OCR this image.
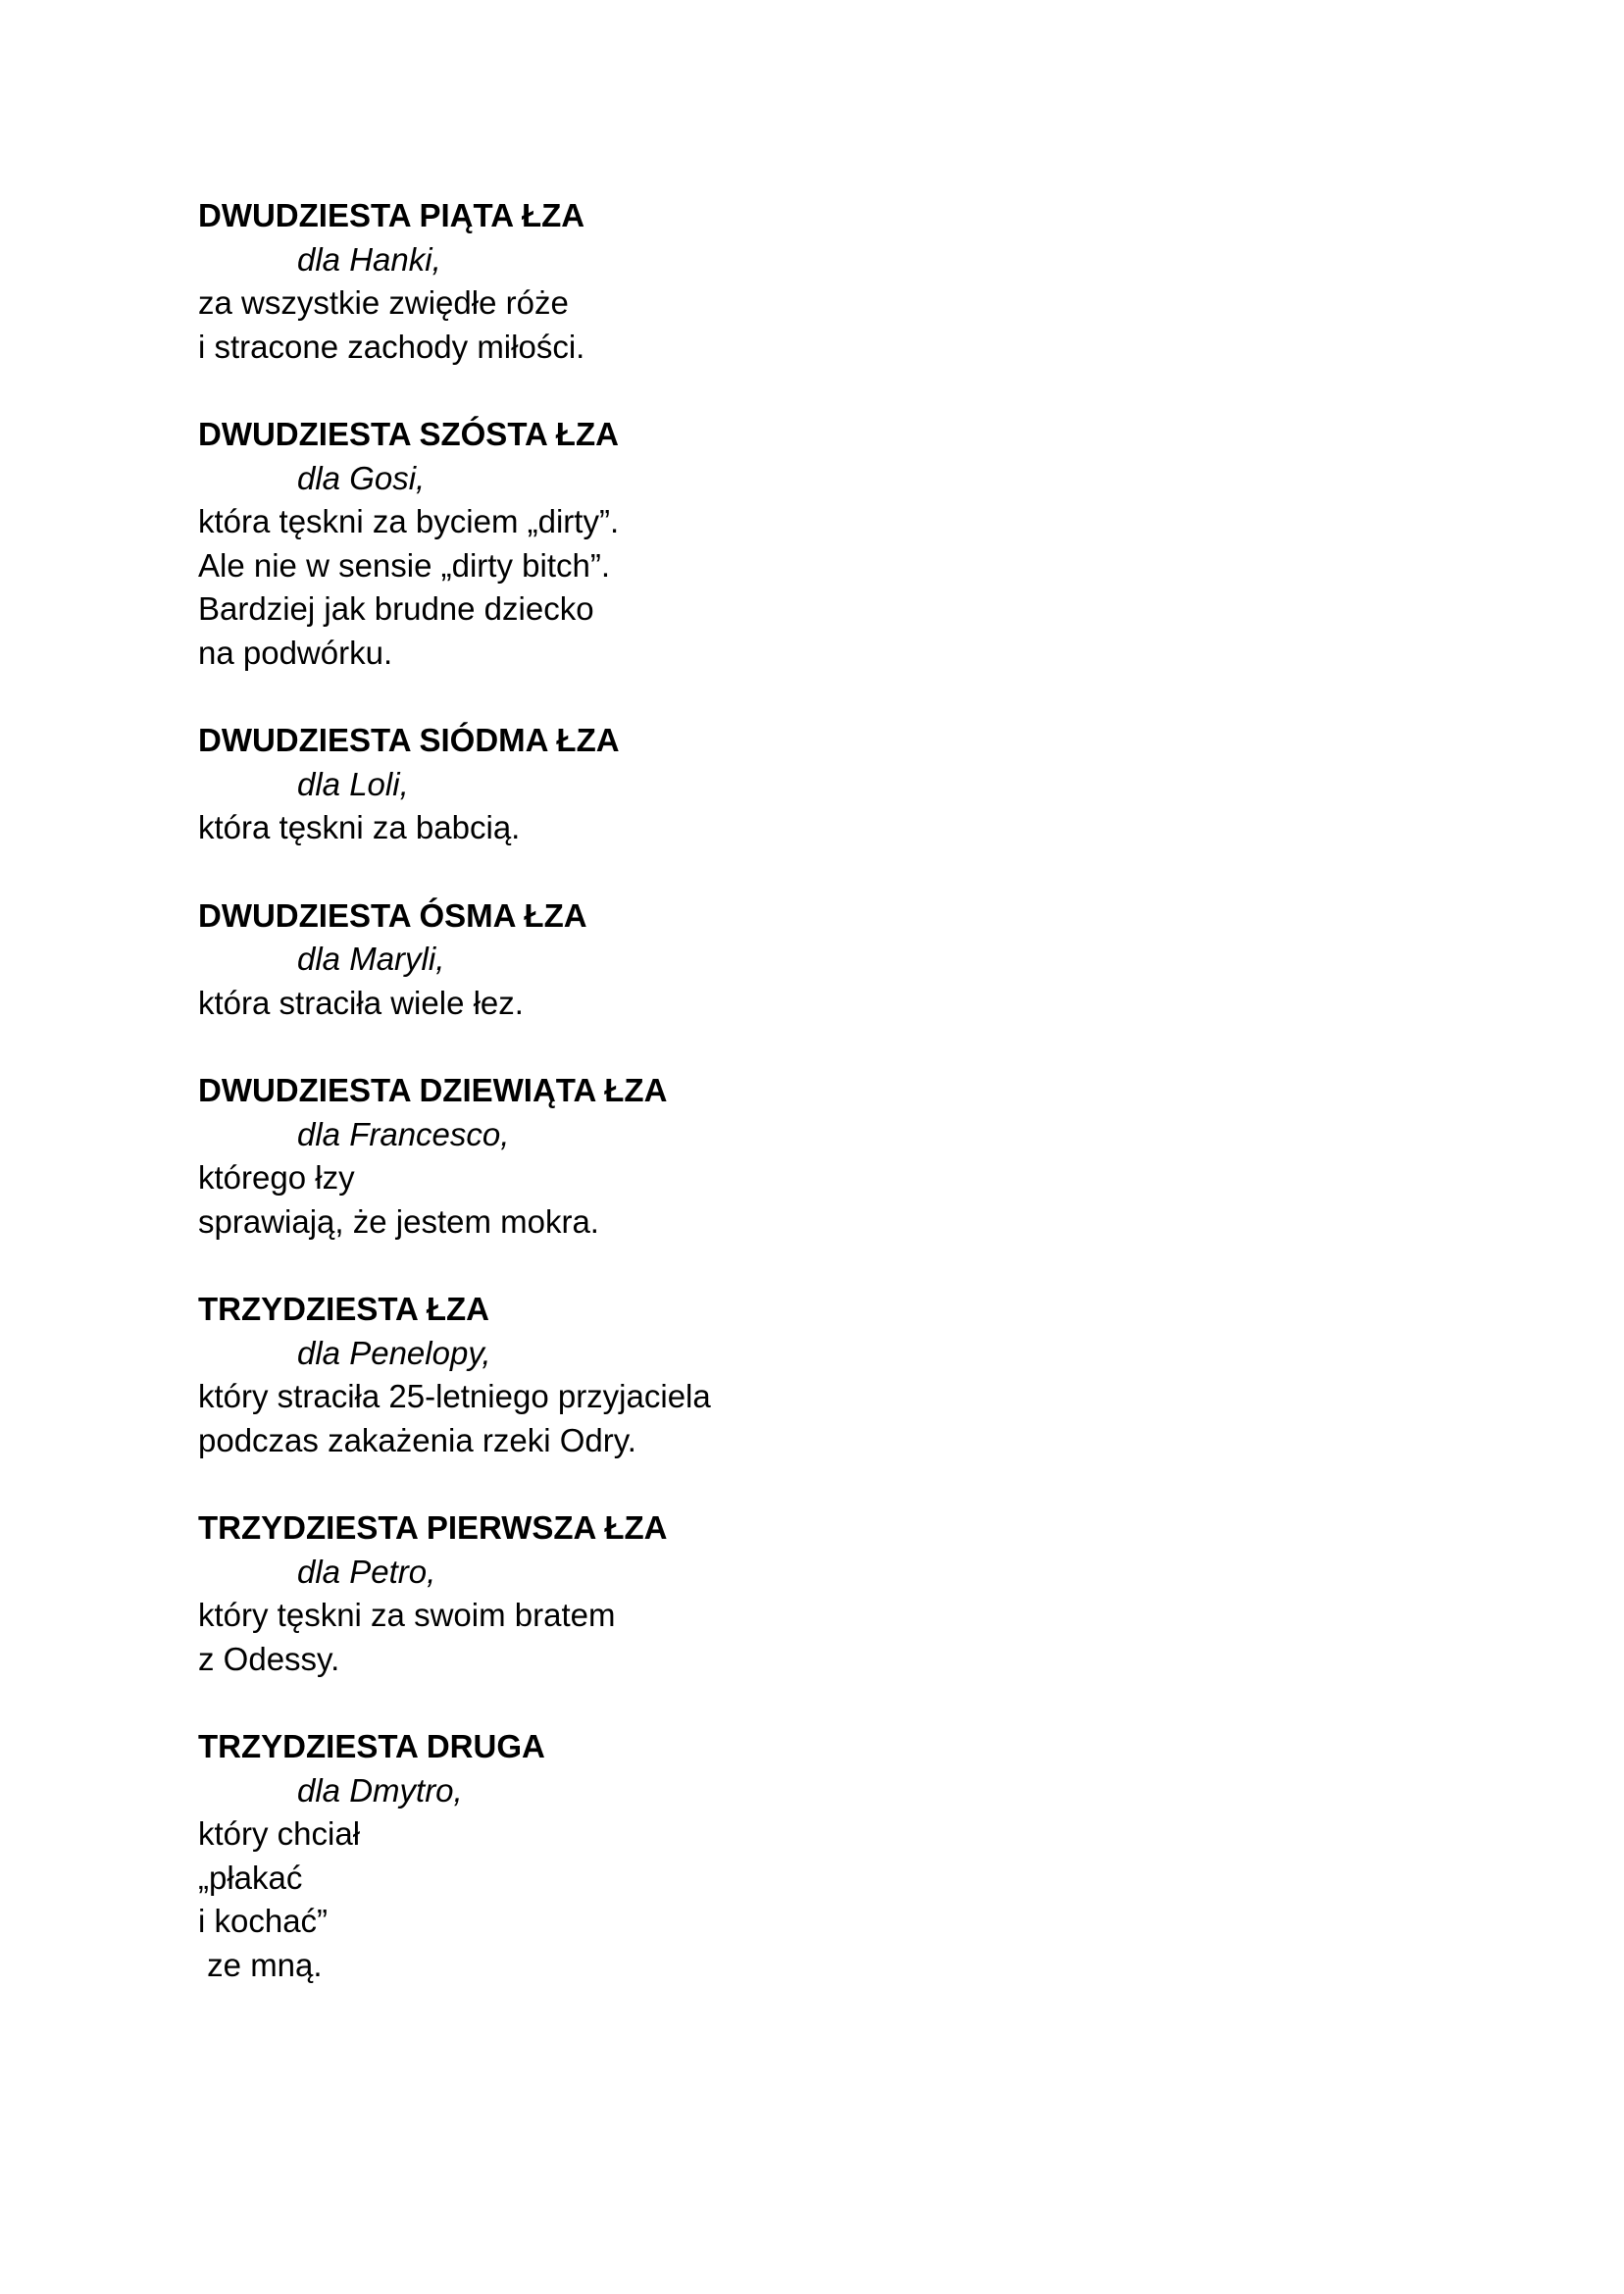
DWUDZIESTA PIĄTA ŁZA

dla Hanki,

za wszystkie zwiędłe róże

i stracone zachody miłości.

DWUDZIESTA SZÓSTA ŁZA

dla Gosi,

która tęskni za byciem „dirty”.

Ale nie w sensie „dirty bitch”.

Bardziej jak brudne dziecko

na podwórku.

DWUDZIESTA SIÓDMA ŁZA

dla Loli,

która tęskni za babcią.

DWUDZIESTA ÓSMA ŁZA

dla Maryli,

która straciła wiele łez.

DWUDZIESTA DZIEWIĄTA ŁZA

dla Francesco,

którego łzy

sprawiają, że jestem mokra.

TRZYDZIESTA ŁZA

dla Penelopy,

który straciła 25-letniego przyjaciela

podczas zakażenia rzeki Odry.

TRZYDZIESTA PIERWSZA ŁZA

dla Petro,

który tęskni za swoim bratem

z Odessy.

TRZYDZIESTA DRUGA

dla Dmytro,

który chciał

„płakać

i kochać”

ze mną.
